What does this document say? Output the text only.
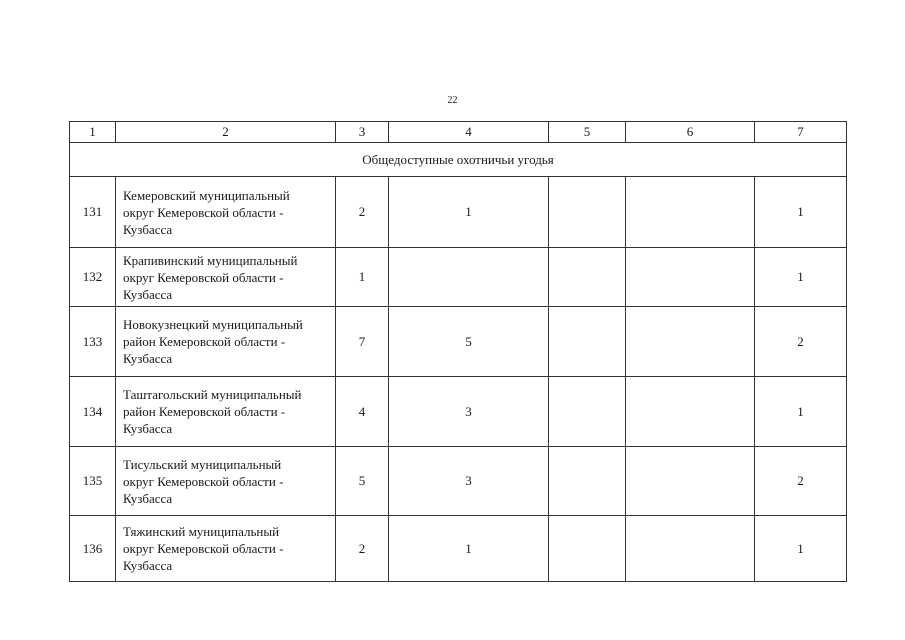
22
1	2	3	4	5	6	7
Общедоступные охотничьи угодья						
131	Кемеровский муниципальный
округ Кемеровской области -
Кузбасса	2	1			1
132	Крапивинский муниципальный
округ Кемеровской области -
Кузбасса	1				1
133	Новокузнецкий муниципальный
район Кемеровской области -
Кузбасса	7	5			2
134	Таштагольский муниципальный
район Кемеровской области -
Кузбасса	4	3			1
135	Тисульский муниципальный
округ Кемеровской области -
Кузбасса	5	3			2
136	Тяжинский муниципальный
округ Кемеровской области -
Кузбасса	2	1			1
